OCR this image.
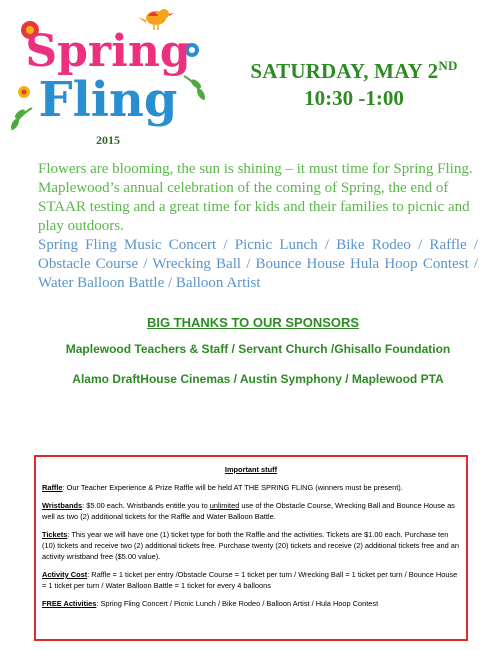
Spring
Fling
2015
SATURDAY, MAY 2ND
10:30 -1:00

Flowers are blooming, the sun is shining – it must time for Spring Fling. Maplewood’s annual celebration of the coming of Spring, the end of STAAR testing and a great time for kids and their families to picnic and play outdoors.

Spring Fling Music Concert / Picnic Lunch / Bike Rodeo / Raffle / Obstacle Course / Wrecking Ball / Bounce House Hula Hoop Contest / Water Balloon Battle / Balloon Artist

BIG THANKS TO OUR SPONSORS
Maplewood Teachers & Staff / Servant Church /Ghisallo Foundation
Alamo DraftHouse Cinemas / Austin Symphony / Maplewood PTA
Important stuff

Raffle: Our Teacher Experience & Prize Raffle will be held AT THE SPRING FLING (winners must be present).

Wristbands: $5.00 each. Wristbands entitle you to unlimited use of the Obstacle Course, Wrecking Ball and Bounce House as well as two (2) additional tickets for the Raffle and Water Balloon Battle.

Tickets: This year we will have one (1) ticket type for both the Raffle and the activities. Tickets are $1.00 each. Purchase ten (10) tickets and receive two (2) additional tickets free. Purchase twenty (20) tickets and receive (2) additional tickets free and an activity wristband free ($5.00 value).

Activity Cost: Raffle = 1 ticket per entry /Obstacle Course = 1 ticket per turn / Wrecking Ball = 1 ticket per turn / Bounce House = 1 ticket per turn / Water Balloon Battle = 1 ticket for every 4 balloons

FREE Activities: Spring Fling Concert / Picnic Lunch / Bike Rodeo / Balloon Artist / Hula Hoop Contest
